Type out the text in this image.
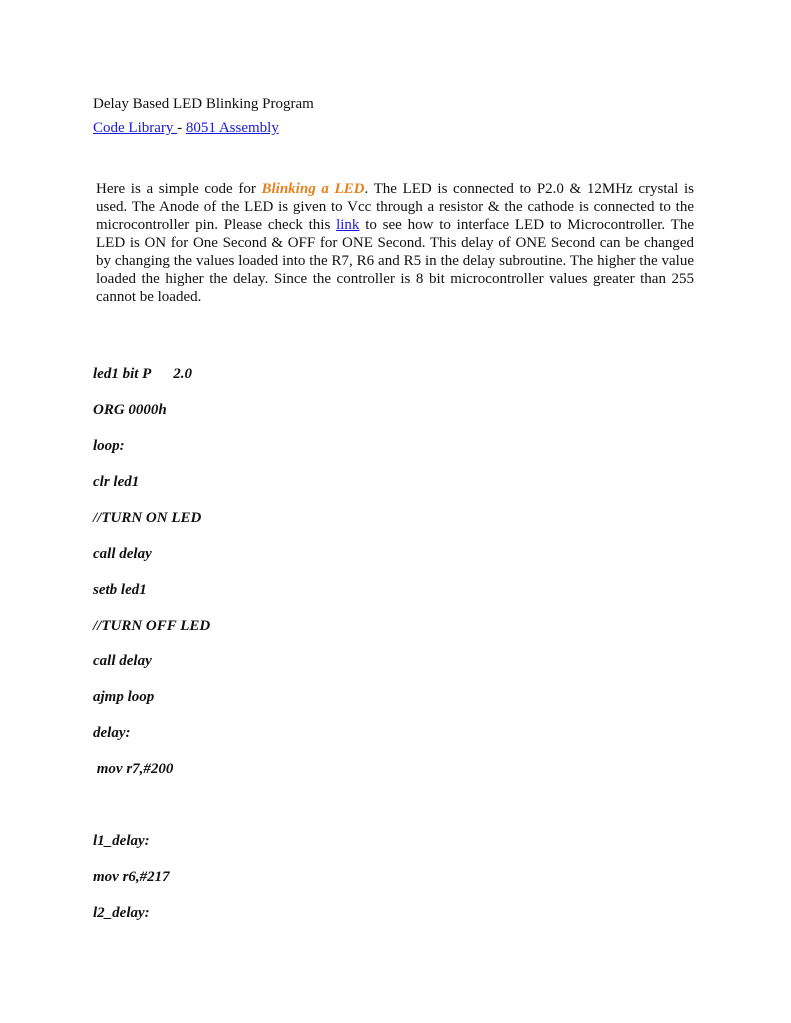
Delay Based LED Blinking Program
Code Library - 8051 Assembly
Here is a simple code for Blinking a LED. The LED is connected to P2.0 & 12MHz crystal is used. The Anode of the LED is given to Vcc through a resistor & the cathode is connected to the microcontroller pin. Please check this link to see how to interface LED to Microcontroller. The LED is ON for One Second & OFF for ONE Second. This delay of ONE Second can be changed by changing the values loaded into the R7, R6 and R5 in the delay subroutine. The higher the value loaded the higher the delay. Since the controller is 8 bit microcontroller values greater than 255 cannot be loaded.
led1 bit P      2.0
ORG 0000h
loop:
clr led1
//TURN ON LED
call delay
setb led1
//TURN OFF LED
call delay
ajmp loop
delay:
mov r7,#200
l1_delay:
mov r6,#217
l2_delay:
